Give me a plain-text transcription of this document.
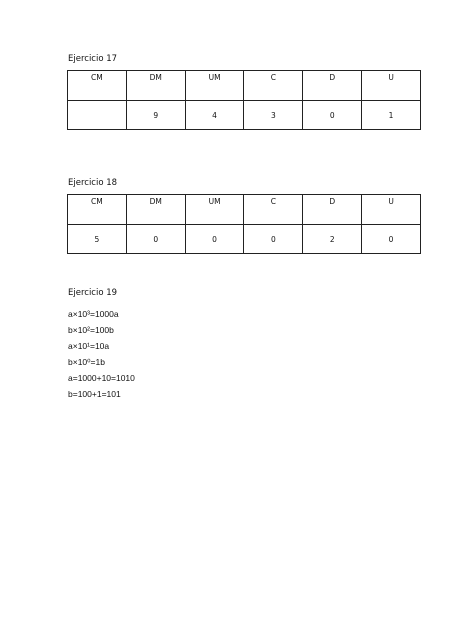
Ejercicio 17
CM	DM	UM	C	D	U
	9	4	3	0	1
Ejercicio 18
CM	DM	UM	C	D	U
5	0	0	0	2	0
Ejercicio 19
a×10³=1000a
b×10²=100b
a×10¹=10a
b×10⁰=1b
a=1000+10=1010
b=100+1=101
